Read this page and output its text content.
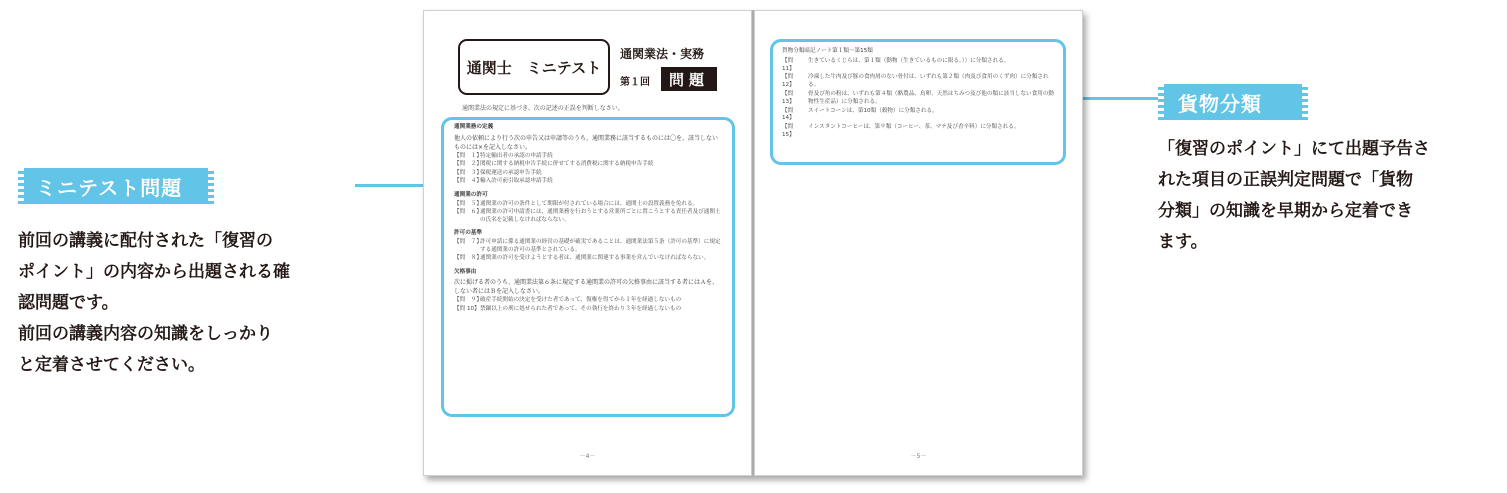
ミニテスト問題
前回の講義に配付された「復習の
ポイント」の内容から出題される確
認問題です。
前回の講義内容の知識をしっかり
と定着させてください。
貨物分類
「復習のポイント」にて出題予告さ
れた項目の正誤判定問題で「貨物
分類」の知識を早期から定着でき
ます。
通関士　ミニテスト
通関業法・実務
第１回	問題
通関業法の規定に基づき、次の記述の正誤を判断しなさい。
通関業務の定義
他人の依頼により行う次の申告又は申請等のうち、通関業務に該当するものには〇を、該当しないものには×を記入しなさい。
【問　１】
特定輸出者の承認の申請手続
【問　２】
関税に関する納税申告手続に併せてする消費税に関する納税申告手続
【問　３】
保税運送の承認申告手続
【問　４】
輸入許可前引取承認申請手続
通関業の許可
【問　５】
通関業の許可の条件として期限が付されている場合には、通関士の設置義務を免れる。
【問　６】
通関業の許可申請書には、通関業務を行おうとする営業所ごとに置こうとする責任者及び通関士の氏名を記載しなければならない。
許可の基準
【問　７】
許可申請に係る通関業の経営の基礎が確実であることは、通関業法第５条（許可の基準）に規定する通関業の許可の基準とされている。
【問　８】
通関業の許可を受けようとする者は、通関業に関連する事業を営んでいなければならない。
欠格事由
次に掲げる者のうち、通関業法第６条に規定する通関業の許可の欠格事由に該当する者にはＡを、しない者にはＢを記入しなさい。
【問　９】
破産手続開始の決定を受けた者であって、復権を得てから１年を経過しないもの
【問 10】 禁錮以上の刑に処せられた者であって、その執行を終わり３年を経過しないもの
－4－
貨物分類暗記ノート第１類～第15類
【問　11】
生きているくじらは、第１類（動物（生きているものに限る。））に分類される。
【問　12】
冷凍した牛肉及び豚の食肉屑のない骨付は、いずれも第２類（肉及び食用のくず肉）に分類される。
【問　13】
骨及び角の粉は、いずれも第４類（酪農品、鳥卵、天然はちみつ及び他の類に該当しない食用の動物性生産品）に分類される。
【問　14】
スイートコーンは、第10類（穀物）に分類される。
【問　15】
インスタントコーヒーは、第９類（コーヒー、茶、マテ及び香辛料）に分類される。
－5－
